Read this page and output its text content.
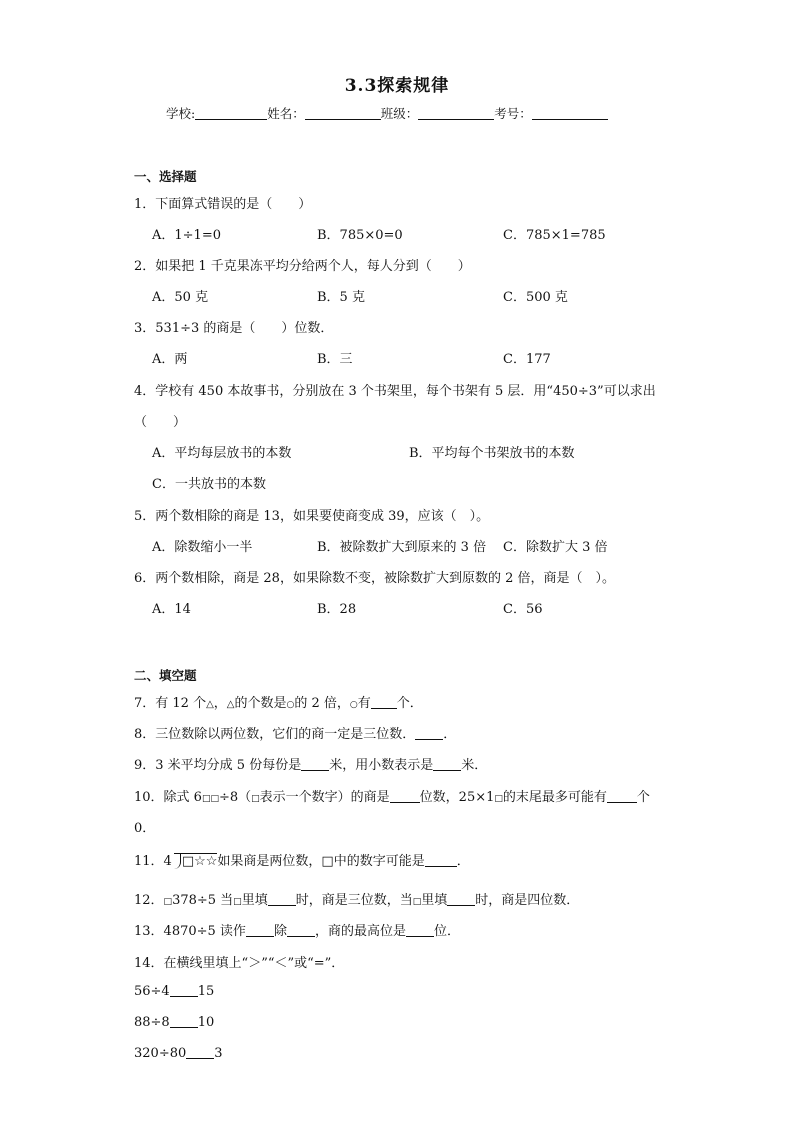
3.3探索规律
学校:	姓名：	班级：	考号：
一、选择题
1．下面算式错误的是（　　）
A．1÷1=0	B．785×0=0	C．785×1=785
2．如果把 1 千克果冻平均分给两个人，每人分到（　　）
A．50 克	B．5 克	C．500 克
3．531÷3 的商是（　　）位数．
A．两	B．三	C．177
4．学校有 450 本故事书，分别放在 3 个书架里，每个书架有 5 层．用“450÷3”可以求出
（　　）
A．平均每层放书的本数	B．平均每个书架放书的本数
C．一共放书的本数
5．两个数相除的商是 13，如果要使商变成 39，应该（　）。
A．除数缩小一半	B．被除数扩大到原来的 3 倍 C．除数扩大 3 倍
6．两个数相除，商是 28，如果除数不变，被除数扩大到原数的 2 倍，商是（　）。
A．14	B．28	C．56
二、填空题
7．有 12 个△，△的个数是○的 2 倍，○有 个．
8．三位数除以两位数，它们的商一定是三位数． ．
9．3 米平均分成 5 份每份是 米，用小数表示是 米．
10．除式 6□□÷8（□表示一个数字）的商是 位数，25×1□的末尾最多可能有 个
0．
11．4 □☆☆如果商是两位数，□中的数字可能是 ．
12．□378÷5 当□里填 时，商是三位数，当□里填 时，商是四位数．
13．4870÷5 读作 除 ，商的最高位是 位．
14．在横线里填上“＞”“＜”或“=”．
56÷4 15
88÷8 10
320÷80 3
